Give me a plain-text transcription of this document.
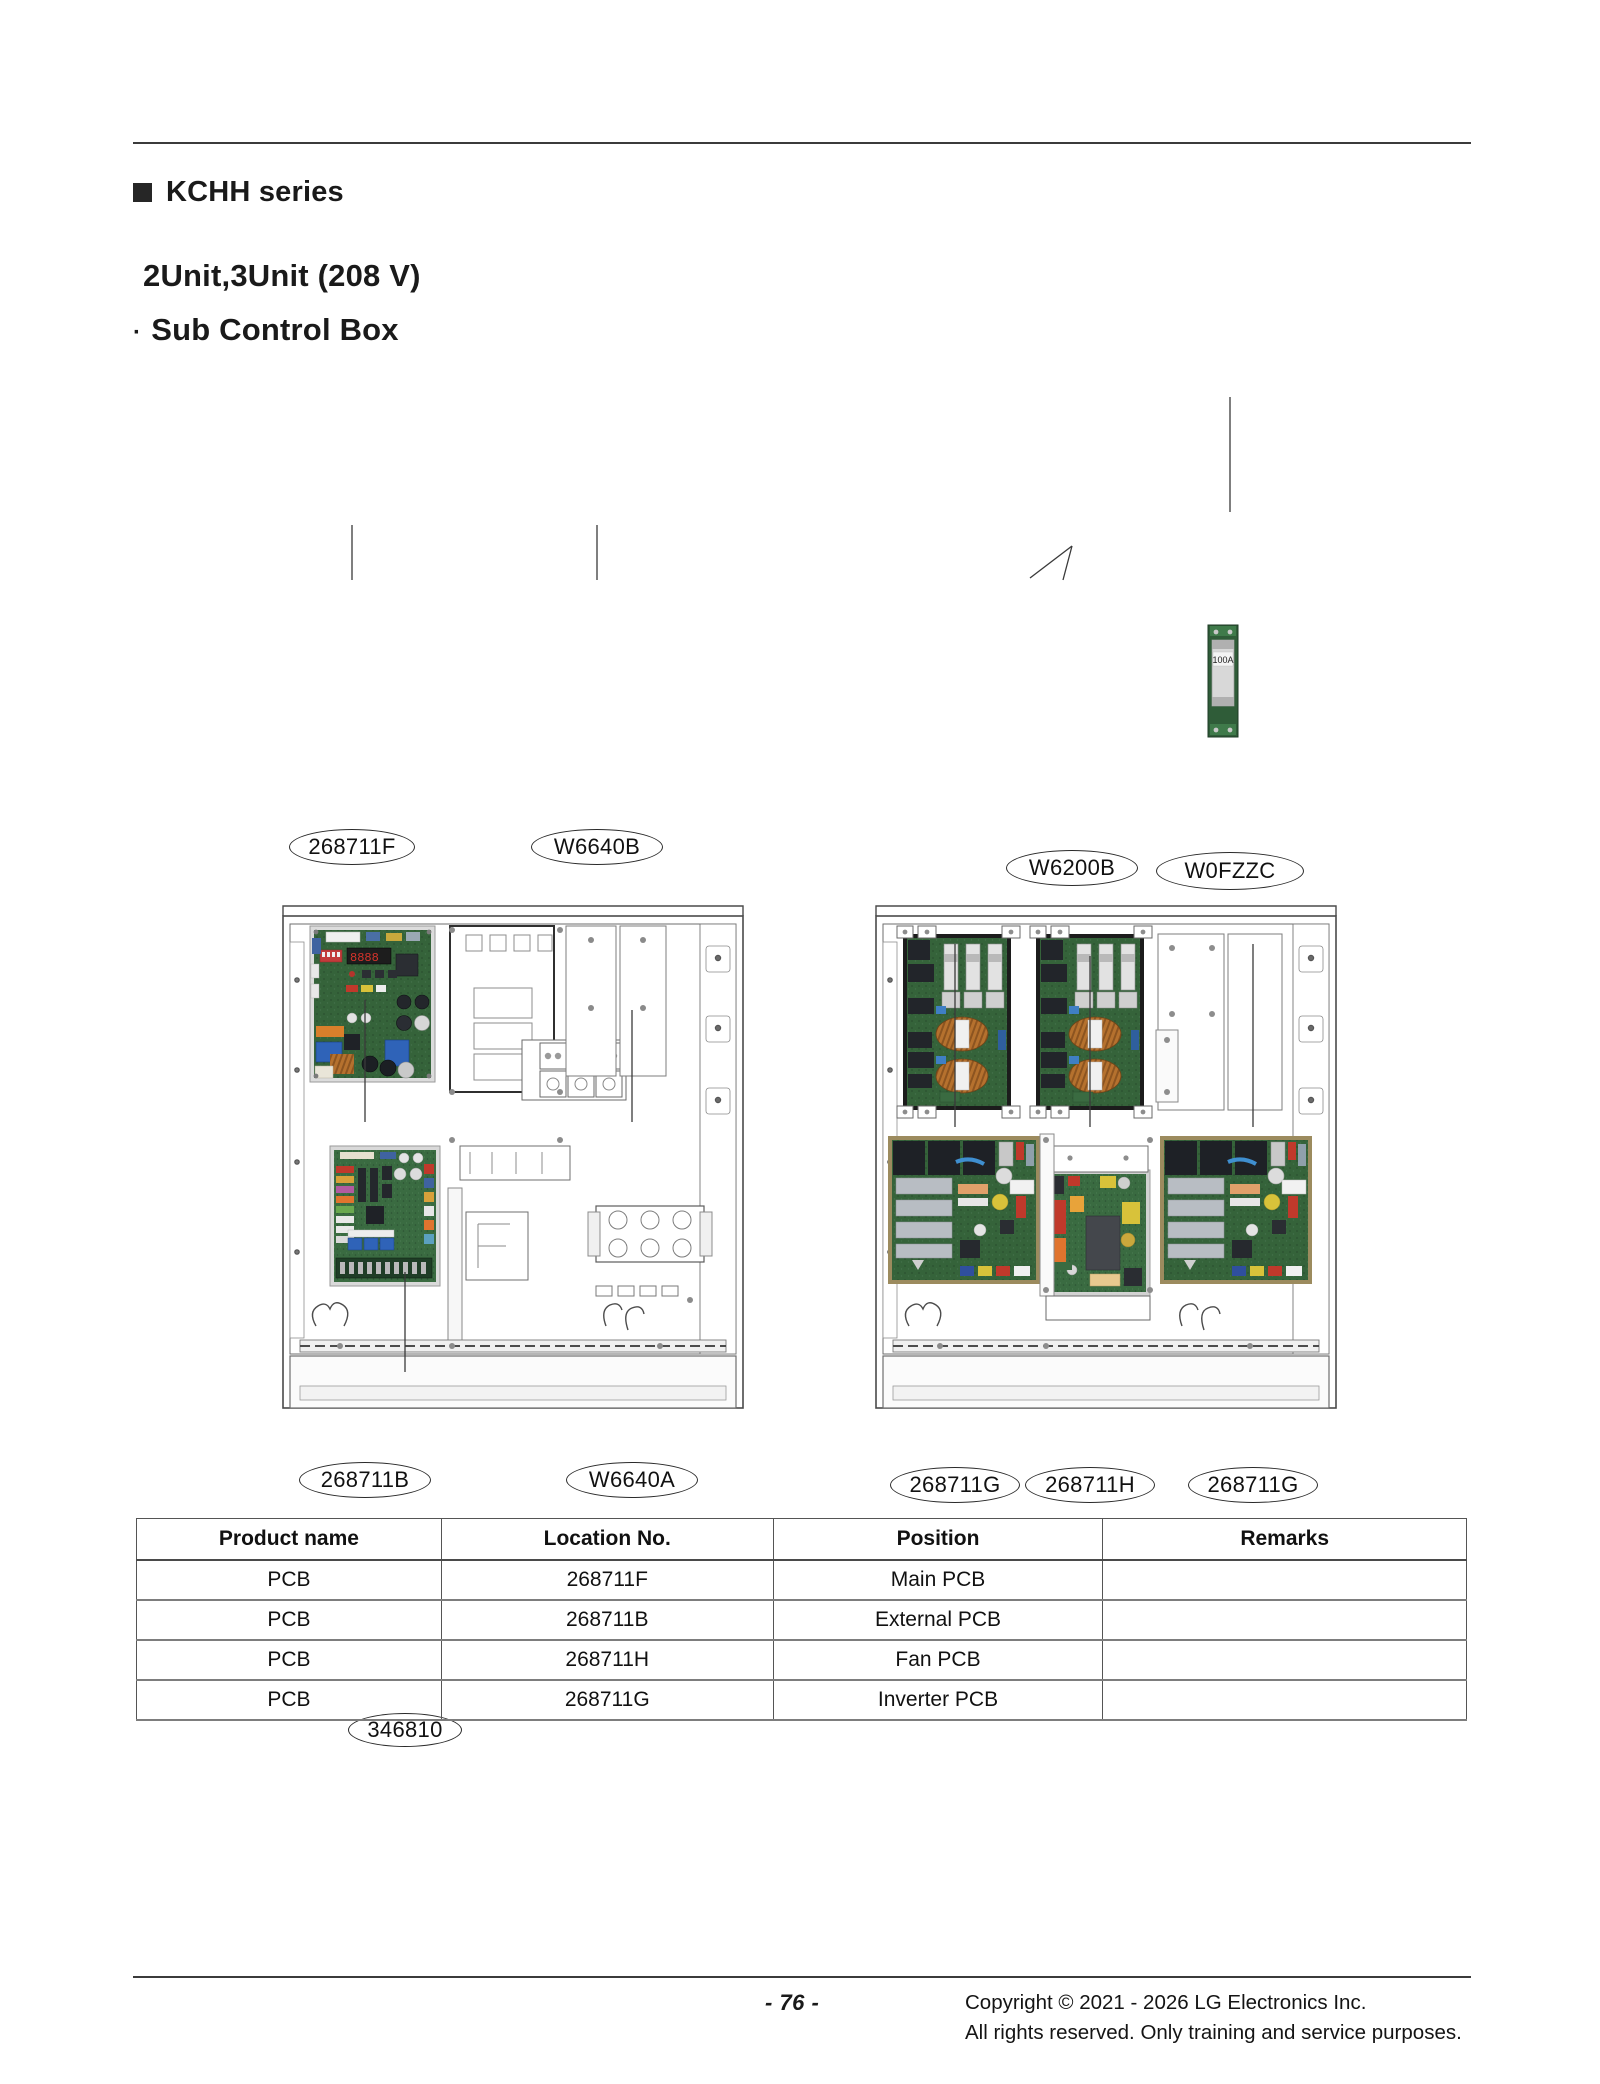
KCHH series
2Unit,3Unit (208 V)
· Sub Control Box
8888
100A
268711F	W6640B
W6200B	W0FZZC
268711B	W6640A	268711G	268711H	268711G
346810
Product name	Location No.	Position	Remarks
PCB	268711F	Main PCB	
PCB	268711B	External PCB	
PCB	268711H	Fan PCB	
PCB	268711G	Inverter PCB	
- 76 -	Copyright © 2021 - 2026 LG Electronics Inc.
All rights reserved. Only training and service purposes.
